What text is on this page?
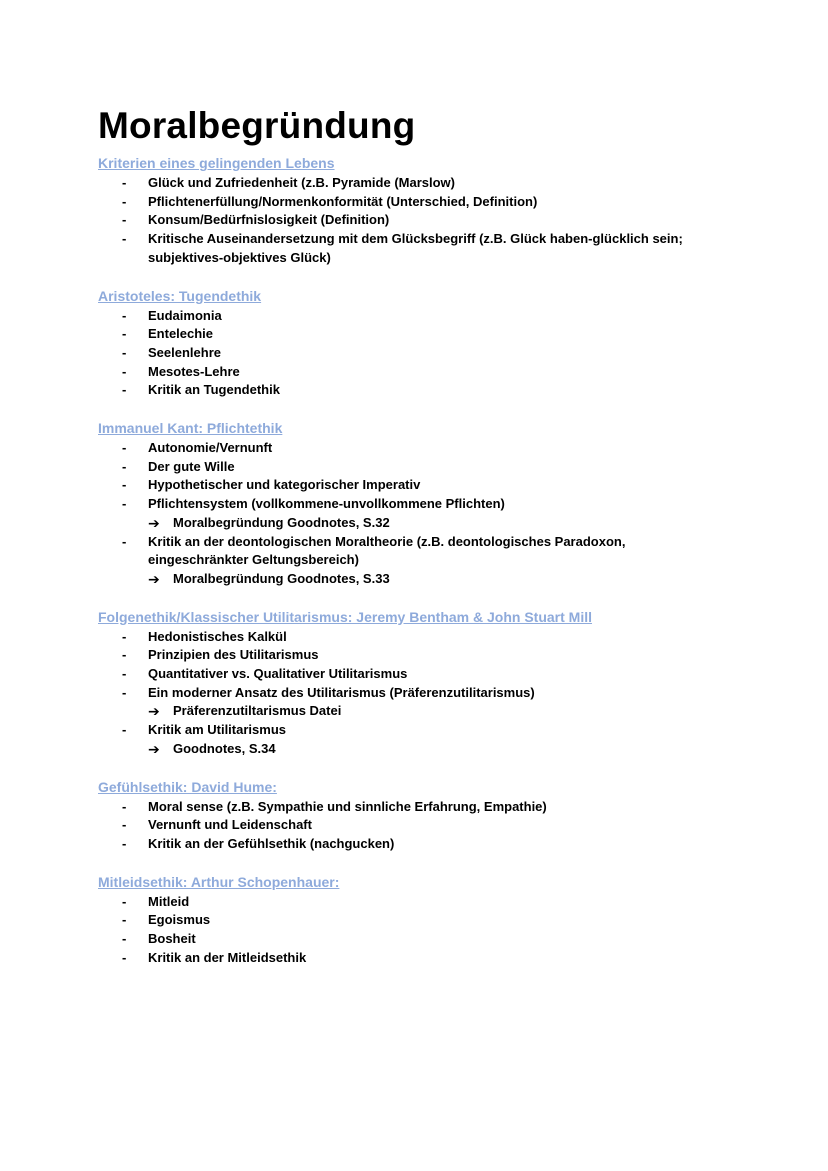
Moralbegründung
Kriterien eines gelingenden Lebens
- Glück und Zufriedenheit (z.B. Pyramide (Marslow)
- Pflichtenerfüllung/Normenkonformität (Unterschied, Definition)
- Konsum/Bedürfnislosigkeit (Definition)
- Kritische Auseinandersetzung mit dem Glücksbegriff (z.B. Glück haben-glücklich sein;
subjektives-objektives Glück)
Aristoteles: Tugendethik
- Eudaimonia
- Entelechie
- Seelenlehre
- Mesotes-Lehre
- Kritik an Tugendethik
Immanuel Kant: Pflichtethik
- Autonomie/Vernunft
- Der gute Wille
- Hypothetischer und kategorischer Imperativ
- Pflichtensystem (vollkommene-unvollkommene Pflichten)
➔ Moralbegründung Goodnotes, S.32
- Kritik an der deontologischen Moraltheorie (z.B. deontologisches Paradoxon,
eingeschränkter Geltungsbereich)
➔ Moralbegründung Goodnotes, S.33
Folgenethik/Klassischer Utilitarismus: Jeremy Bentham & John Stuart Mill
- Hedonistisches Kalkül
- Prinzipien des Utilitarismus
- Quantitativer vs. Qualitativer Utilitarismus
- Ein moderner Ansatz des Utilitarismus (Präferenzutilitarismus)
➔ Präferenzutiltarismus Datei
- Kritik am Utilitarismus
➔ Goodnotes, S.34
Gefühlsethik: David Hume:
- Moral sense (z.B. Sympathie und sinnliche Erfahrung, Empathie)
- Vernunft und Leidenschaft
- Kritik an der Gefühlsethik (nachgucken)
Mitleidsethik: Arthur Schopenhauer:
- Mitleid
- Egoismus
- Bosheit
- Kritik an der Mitleidsethik
